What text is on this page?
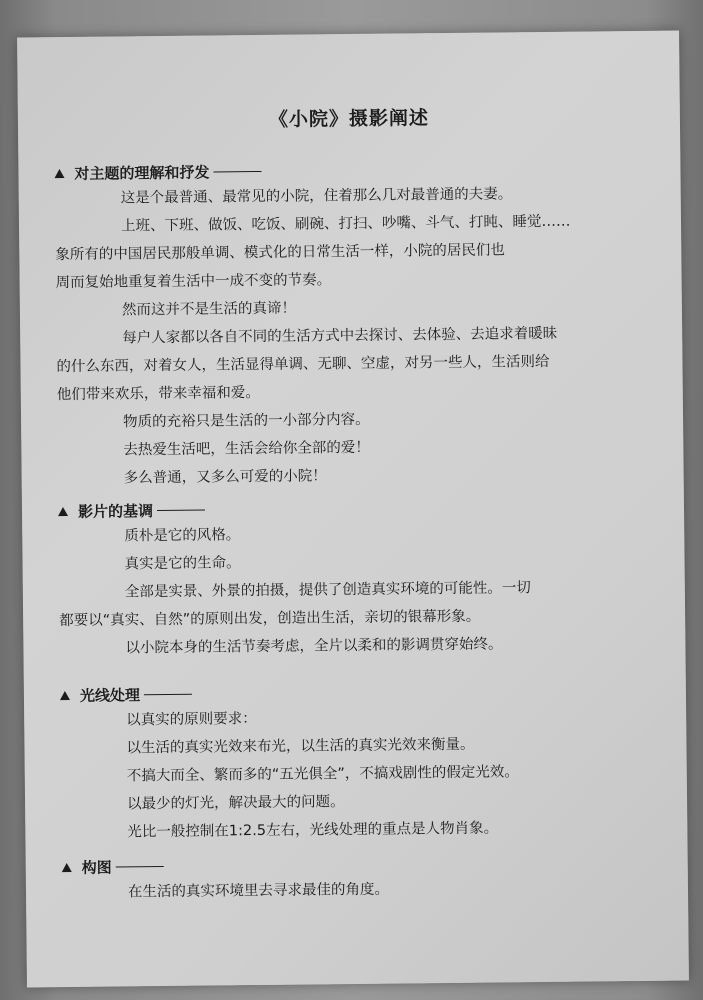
《小院》摄影阐述
对主题的理解和抒发
这是个最普通、最常见的小院，住着那么几对最普通的夫妻。
上班、下班、做饭、吃饭、刷碗、打扫、吵嘴、斗气、打盹、睡觉……
象所有的中国居民那般单调、模式化的日常生活一样，小院的居民们也
周而复始地重复着生活中一成不变的节奏。
然而这并不是生活的真谛！
每户人家都以各自不同的生活方式中去探讨、去体验、去追求着暖昧
的什么东西，对着女人，生活显得单调、无聊、空虚，对另一些人，生活则给
他们带来欢乐，带来幸福和爱。
物质的充裕只是生活的一小部分内容。
去热爱生活吧，生活会给你全部的爱！
多么普通，又多么可爱的小院！
影片的基调
质朴是它的风格。
真实是它的生命。
全部是实景、外景的拍摄，提供了创造真实环境的可能性。一切
都要以“真实、自然”的原则出发，创造出生活，亲切的银幕形象。
以小院本身的生活节奏考虑，全片以柔和的影调贯穿始终。
光线处理
以真实的原则要求：
以生活的真实光效来布光，以生活的真实光效来衡量。
不搞大而全、繁而多的“五光俱全”，不搞戏剧性的假定光效。
以最少的灯光，解决最大的问题。
光比一般控制在1:2.5左右，光线处理的重点是人物肖象。
构图
在生活的真实环境里去寻求最佳的角度。
